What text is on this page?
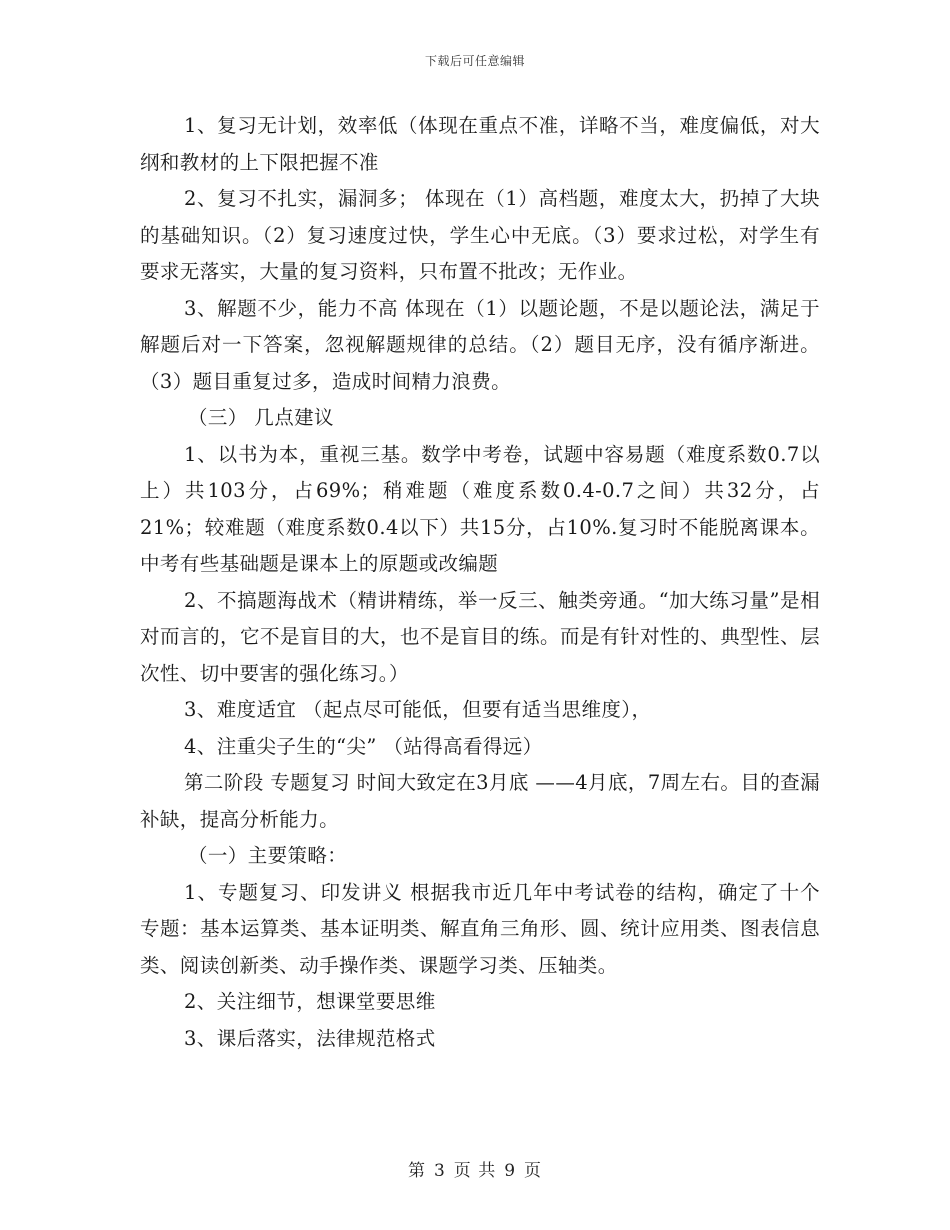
下载后可任意编辑

1、复习无计划，效率低（体现在重点不准，详略不当，难度偏低，对大纲和教材的上下限把握不准

2、复习不扎实，漏洞多； 体现在（1）高档题，难度太大，扔掉了大块的基础知识。（2）复习速度过快，学生心中无底。（3）要求过松，对学生有要求无落实，大量的复习资料，只布置不批改；无作业。

3、解题不少，能力不高 体现在（1）以题论题，不是以题论法，满足于解题后对一下答案，忽视解题规律的总结。（2）题目无序，没有循序渐进。（3）题目重复过多，造成时间精力浪费。

（三） 几点建议

1、以书为本，重视三基。数学中考卷，试题中容易题（难度系数0.7以上）共103分，占69%；稍难题（难度系数0.4-0.7之间）共32分，占21%；较难题（难度系数0.4以下）共15分，占10%.复习时不能脱离课本。中考有些基础题是课本上的原题或改编题

2、不搞题海战术（精讲精练，举一反三、触类旁通。“加大练习量”是相对而言的，它不是盲目的大，也不是盲目的练。而是有针对性的、典型性、层次性、切中要害的强化练习。）

3、难度适宜 （起点尽可能低，但要有适当思维度），

4、注重尖子生的“尖” （站得高看得远）

第二阶段 专题复习 时间大致定在3月底 ——4月底，7周左右。目的查漏补缺，提高分析能力。

（一）主要策略：

1、专题复习、印发讲义 根据我市近几年中考试卷的结构，确定了十个专题：基本运算类、基本证明类、解直角三角形、圆、统计应用类、图表信息类、阅读创新类、动手操作类、课题学习类、压轴类。

2、关注细节，想课堂要思维

3、课后落实，法律规范格式

第 3 页 共 9 页
